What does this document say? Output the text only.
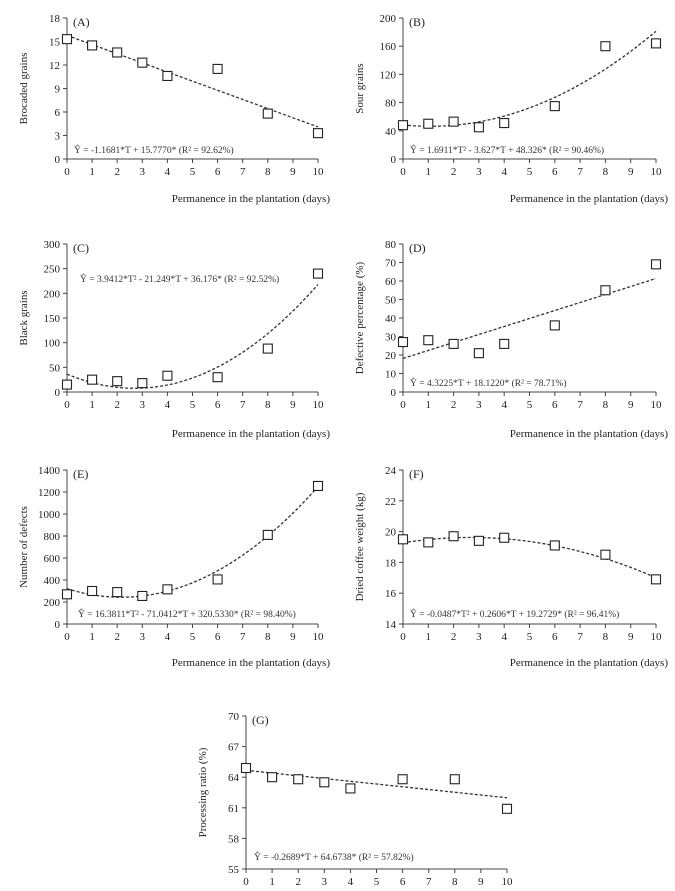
0
3
6
9
12
15
18
0 1 2 3 4 5 6 7 8 9 10
(A)
Brocaded grains
Permanence in the plantation (days)
Ŷ = -1.1681*T + 15.7770* (R² = 92.62%)
0
40
80
120
160
200
0 1 2 3 4 5 6 7 8 9 10
(B)
Sour grains
Permanence in the plantation (days)
Ŷ = 1.6911*T² - 3.627*T + 48.326* (R² = 90.46%)
0
50
100
150
200
250
300
0 1 2 3 4 5 6 7 8 9 10
(C)
Black grains
Permanence in the plantation (days)
Ŷ = 3.9412*T² - 21.249*T + 36.176* (R² = 92.52%)
0
10
20
30
40
50
60
70
80
0 1 2 3 4 5 6 7 8 9 10
(D)
Defective percentage (%)
Permanence in the plantation (days)
Ŷ = 4.3225*T + 18.1220* (R² = 78.71%)
0
200
400
600
800
1000
1200
1400
0 1 2 3 4 5 6 7 8 9 10
(E)
Number of defects
Permanence in the plantation (days)
Ŷ = 16.3811*T² - 71.0412*T + 320.5330* (R² = 98.40%)
14
16
18
20
22
24
0 1 2 3 4 5 6 7 8 9 10
(F)
Dried coffee weight (kg)
Permanence in the plantation (days)
Ŷ = -0.0487*T² + 0.2606*T + 19.2729* (R² = 96.41%)
55
58
61
64
67
70
0 1 2 3 4 5 6 7 8 9 10
(G)
Processing ratio (%)
Ŷ = -0.2689*T + 64.6738* (R² = 57.82%)
